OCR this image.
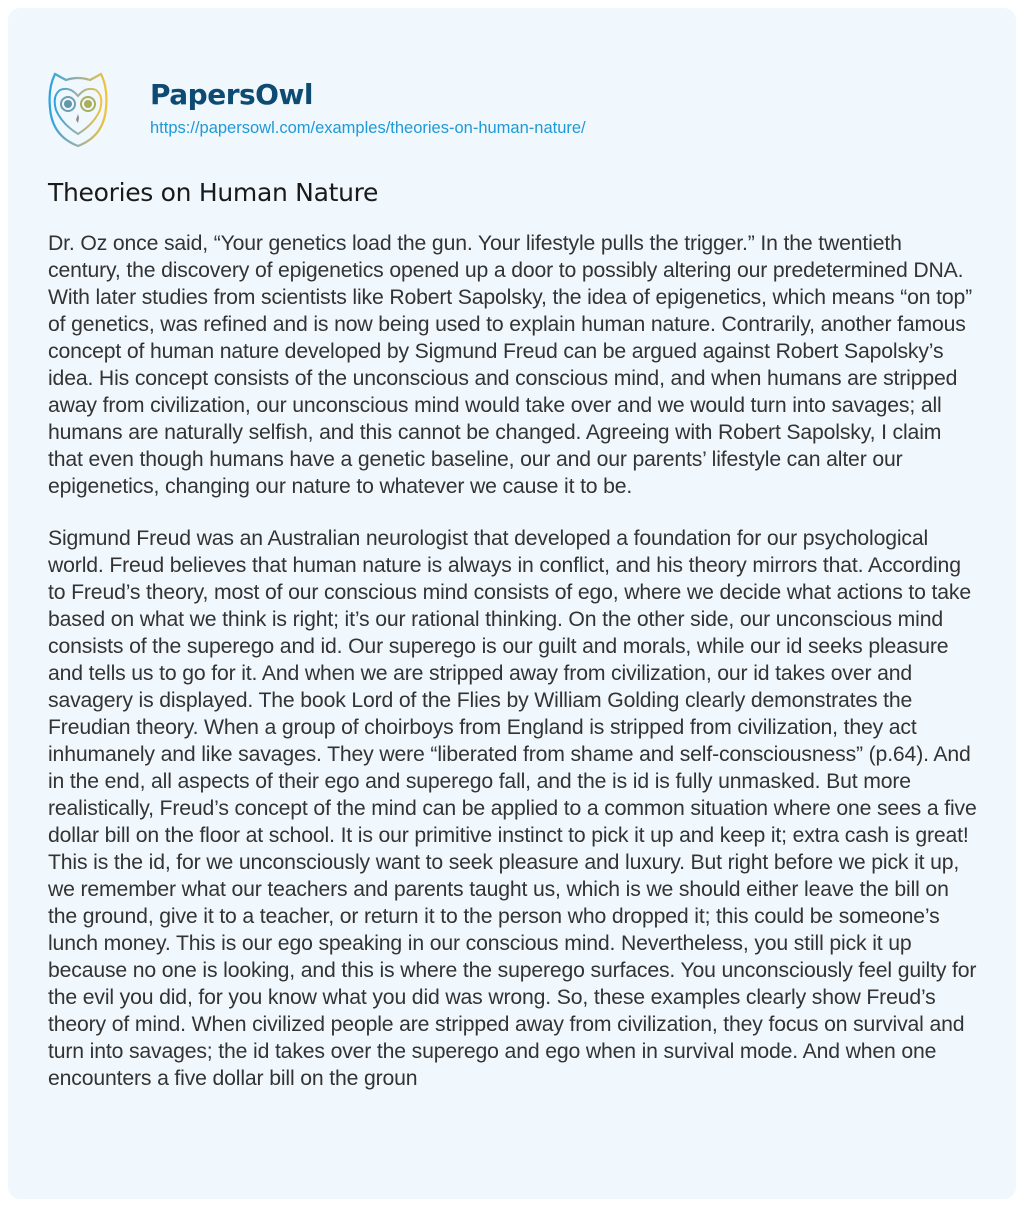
PapersOwl
https://papersowl.com/examples/theories-on-human-nature/
Theories on Human Nature

Dr. Oz once said, “Your genetics load the gun. Your lifestyle pulls the trigger.” In the twentieth century, the discovery of epigenetics opened up a door to possibly altering our predetermined DNA. With later studies from scientists like Robert Sapolsky, the idea of epigenetics, which means “on top” of genetics, was refined and is now being used to explain human nature. Contrarily, another famous concept of human nature developed by Sigmund Freud can be argued against Robert Sapolsky’s idea. His concept consists of the unconscious and conscious mind, and when humans are stripped away from civilization, our unconscious mind would take over and we would turn into savages; all humans are naturally selfish, and this cannot be changed. Agreeing with Robert Sapolsky, I claim that even though humans have a genetic baseline, our and our parents’ lifestyle can alter our epigenetics, changing our nature to whatever we cause it to be.

Sigmund Freud was an Australian neurologist that developed a foundation for our psychological world. Freud believes that human nature is always in conflict, and his theory mirrors that. According to Freud’s theory, most of our conscious mind consists of ego, where we decide what actions to take based on what we think is right; it’s our rational thinking. On the other side, our unconscious mind consists of the superego and id. Our superego is our guilt and morals, while our id seeks pleasure and tells us to go for it. And when we are stripped away from civilization, our id takes over and savagery is displayed. The book Lord of the Flies by William Golding clearly demonstrates the Freudian theory. When a group of choirboys from England is stripped from civilization, they act inhumanely and like savages. They were “liberated from shame and self-consciousness” (p.64). And in the end, all aspects of their ego and superego fall, and the is id is fully unmasked. But more realistically, Freud’s concept of the mind can be applied to a common situation where one sees a five dollar bill on the floor at school. It is our primitive instinct to pick it up and keep it; extra cash is great! This is the id, for we unconsciously want to seek pleasure and luxury. But right before we pick it up, we remember what our teachers and parents taught us, which is we should either leave the bill on the ground, give it to a teacher, or return it to the person who dropped it; this could be someone’s lunch money. This is our ego speaking in our conscious mind. Nevertheless, you still pick it up because no one is looking, and this is where the superego surfaces. You unconsciously feel guilty for the evil you did, for you know what you did was wrong. So, these examples clearly show Freud’s theory of mind. When civilized people are stripped away from civilization, they focus on survival and turn into savages; the id takes over the superego and ego when in survival mode. And when one encounters a five dollar bill on the groun
